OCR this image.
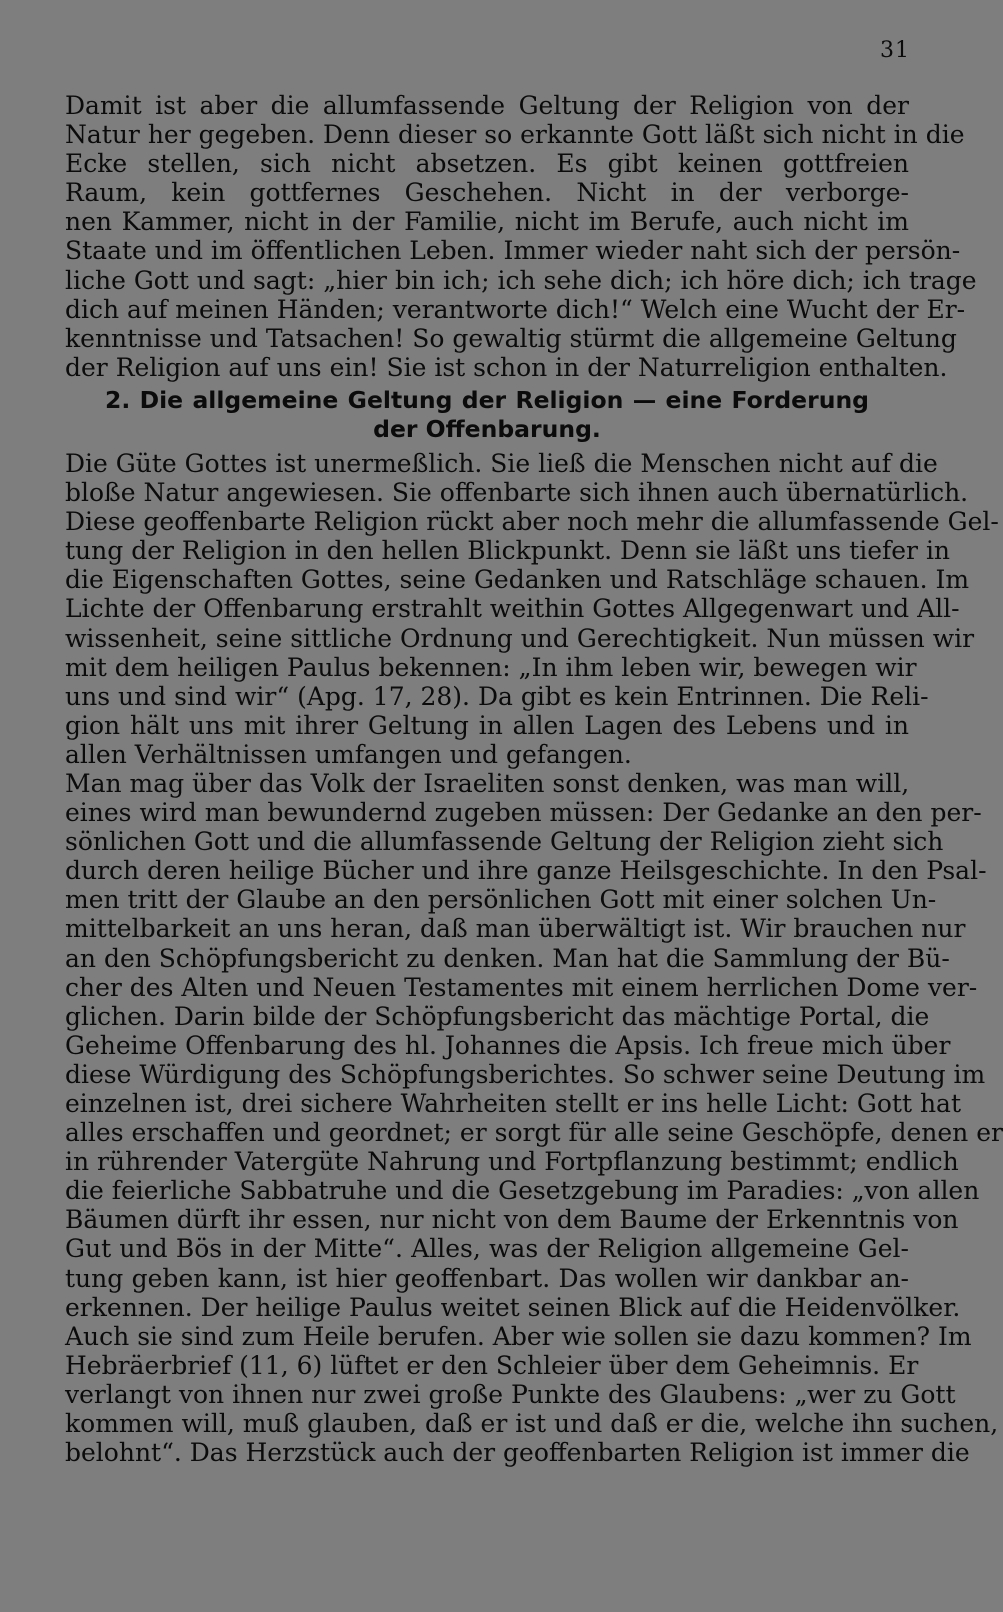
31
Damit ist aber die allumfassende Geltung der Religion von der
Natur her gegeben. Denn dieser so erkannte Gott läßt sich nicht in die
Ecke stellen, sich nicht absetzen. Es gibt keinen gottfreien
Raum, kein gottfernes Geschehen. Nicht in der verborge-
nen Kammer, nicht in der Familie, nicht im Berufe, auch nicht im
Staate und im öffentlichen Leben. Immer wieder naht sich der persön-
liche Gott und sagt: „hier bin ich; ich sehe dich; ich höre dich; ich trage
dich auf meinen Händen; verantworte dich!“ Welch eine Wucht der Er-
kenntnisse und Tatsachen! So gewaltig stürmt die allgemeine Geltung
der Religion auf uns ein! Sie ist schon in der Naturreligion enthalten.
2. Die allgemeine Geltung der Religion — eine Forderung
der Offenbarung.
Die Güte Gottes ist unermeßlich. Sie ließ die Menschen nicht auf die
bloße Natur angewiesen. Sie offenbarte sich ihnen auch übernatürlich.
Diese geoffenbarte Religion rückt aber noch mehr die allumfassende Gel-
tung der Religion in den hellen Blickpunkt. Denn sie läßt uns tiefer in
die Eigenschaften Gottes, seine Gedanken und Ratschläge schauen. Im
Lichte der Offenbarung erstrahlt weithin Gottes Allgegenwart und All-
wissenheit, seine sittliche Ordnung und Gerechtigkeit. Nun müssen wir
mit dem heiligen Paulus bekennen: „In ihm leben wir, bewegen wir
uns und sind wir“ (Apg. 17, 28). Da gibt es kein Entrinnen. Die Reli-
gion hält uns mit ihrer Geltung in allen Lagen des Lebens und in
allen Verhältnissen umfangen und gefangen.
Man mag über das Volk der Israeliten sonst denken, was man will,
eines wird man bewundernd zugeben müssen: Der Gedanke an den per-
sönlichen Gott und die allumfassende Geltung der Religion zieht sich
durch deren heilige Bücher und ihre ganze Heilsgeschichte. In den Psal-
men tritt der Glaube an den persönlichen Gott mit einer solchen Un-
mittelbarkeit an uns heran, daß man überwältigt ist. Wir brauchen nur
an den Schöpfungsbericht zu denken. Man hat die Sammlung der Bü-
cher des Alten und Neuen Testamentes mit einem herrlichen Dome ver-
glichen. Darin bilde der Schöpfungsbericht das mächtige Portal, die
Geheime Offenbarung des hl. Johannes die Apsis. Ich freue mich über
diese Würdigung des Schöpfungsberichtes. So schwer seine Deutung im
einzelnen ist, drei sichere Wahrheiten stellt er ins helle Licht: Gott hat
alles erschaffen und geordnet; er sorgt für alle seine Geschöpfe, denen er
in rührender Vatergüte Nahrung und Fortpflanzung bestimmt; endlich
die feierliche Sabbatruhe und die Gesetzgebung im Paradies: „von allen
Bäumen dürft ihr essen, nur nicht von dem Baume der Erkenntnis von
Gut und Bös in der Mitte“. Alles, was der Religion allgemeine Gel-
tung geben kann, ist hier geoffenbart. Das wollen wir dankbar an-
erkennen. Der heilige Paulus weitet seinen Blick auf die Heidenvölker.
Auch sie sind zum Heile berufen. Aber wie sollen sie dazu kommen? Im
Hebräerbrief (11, 6) lüftet er den Schleier über dem Geheimnis. Er
verlangt von ihnen nur zwei große Punkte des Glaubens: „wer zu Gott
kommen will, muß glauben, daß er ist und daß er die, welche ihn suchen,
belohnt“. Das Herzstück auch der geoffenbarten Religion ist immer die
